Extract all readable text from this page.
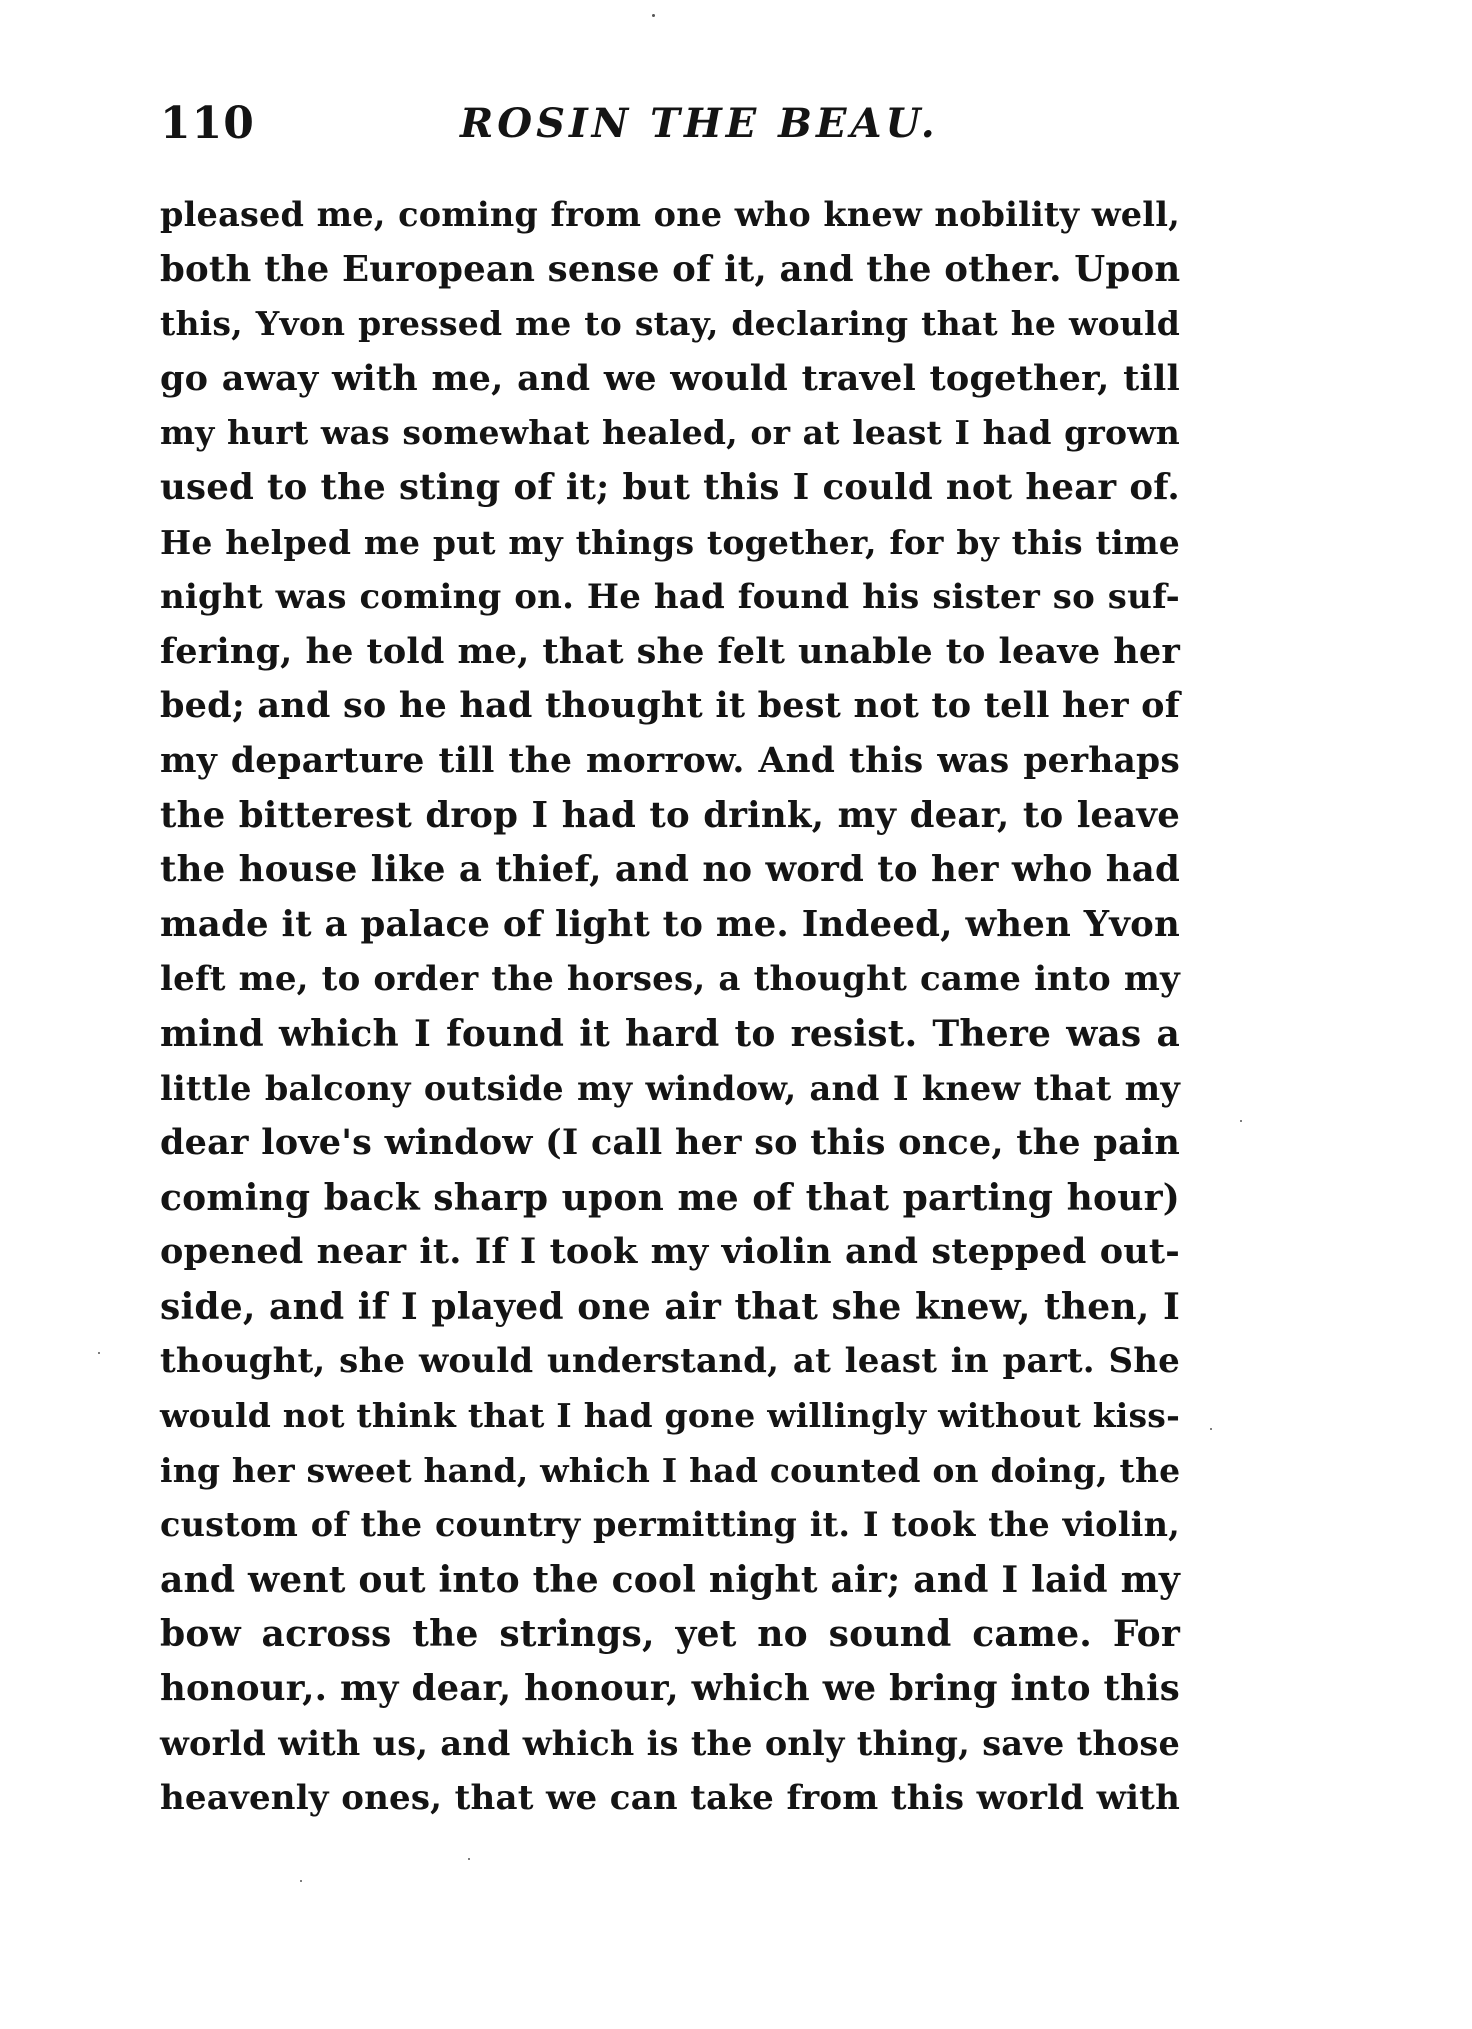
110	ROSIN THE BEAU.
pleased me, coming from one who knew nobility well,
both the European sense of it, and the other. Upon
this, Yvon pressed me to stay, declaring that he would
go away with me, and we would travel together, till
my hurt was somewhat healed, or at least I had grown
used to the sting of it; but this I could not hear of.
He helped me put my things together, for by this time
night was coming on. He had found his sister so suf-
fering, he told me, that she felt unable to leave her
bed; and so he had thought it best not to tell her of
my departure till the morrow. And this was perhaps
the bitterest drop I had to drink, my dear, to leave
the house like a thief, and no word to her who had
made it a palace of light to me. Indeed, when Yvon
left me, to order the horses, a thought came into my
mind which I found it hard to resist. There was a
little balcony outside my window, and I knew that my
dear love's window (I call her so this once, the pain
coming back sharp upon me of that parting hour)
opened near it. If I took my violin and stepped out-
side, and if I played one air that she knew, then, I
thought, she would understand, at least in part. She
would not think that I had gone willingly without kiss-
ing her sweet hand, which I had counted on doing, the
custom of the country permitting it. I took the violin,
and went out into the cool night air; and I laid my
bow across the strings, yet no sound came. For
honour,. my dear, honour, which we bring into this
world with us, and which is the only thing, save those
heavenly ones, that we can take from this world with
